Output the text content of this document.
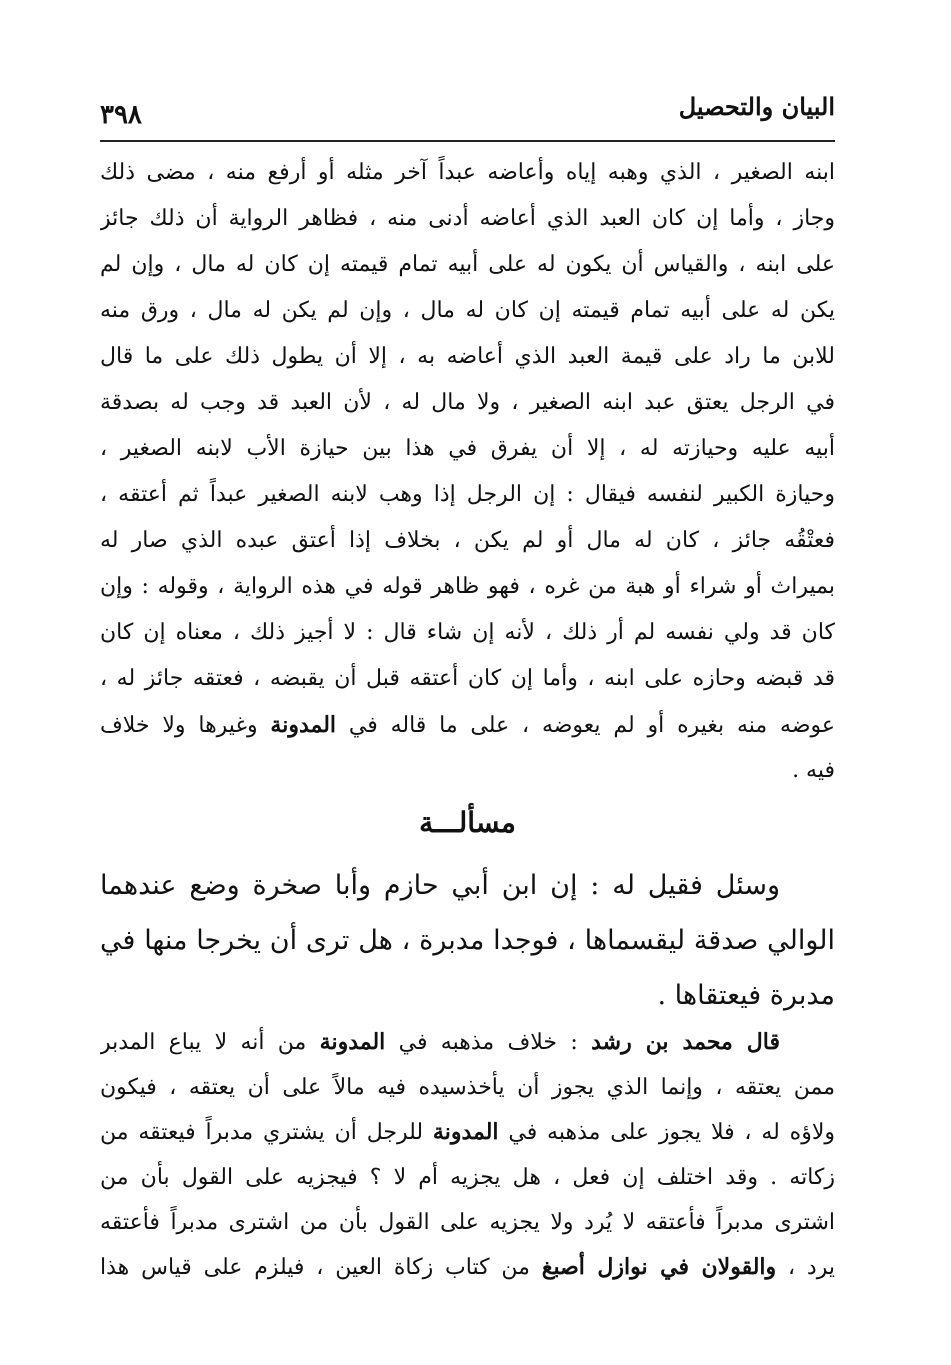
البيان والتحصيل
٣٩٨
ابنه الصغير ، الذي وهبه إياه وأعاضه عبداً آخر مثله أو أرفع منه ، مضى ذلك
وجاز ، وأما إن كان العبد الذي أعاضه أدنى منه ، فظاهر الرواية أن ذلك جائز
على ابنه ، والقياس أن يكون له على أبيه تمام قيمته إن كان له مال ، وإن لم
يكن له على أبيه تمام قيمته إن كان له مال ، وإن لم يكن له مال ، ورق منه
للابن ما راد على قيمة العبد الذي أعاضه به ، إلا أن يطول ذلك على ما قال
في الرجل يعتق عبد ابنه الصغير ، ولا مال له ، لأن العبد قد وجب له بصدقة
أبيه عليه وحيازته له ، إلا أن يفرق في هذا بين حيازة الأب لابنه الصغير ،
وحيازة الكبير لنفسه فيقال : إن الرجل إذا وهب لابنه الصغير عبداً ثم أعتقه ،
فعتْقُه جائز ، كان له مال أو لم يكن ، بخلاف إذا أعتق عبده الذي صار له
بميراث أو شراء أو هبة من غره ، فهو ظاهر قوله في هذه الرواية ، وقوله : وإن
كان قد ولي نفسه لم أر ذلك ، لأنه إن شاء قال : لا أجيز ذلك ، معناه إن كان
قد قبضه وحازه على ابنه ، وأما إن كان أعتقه قبل أن يقبضه ، فعتقه جائز له ،
عوضه منه بغيره أو لم يعوضه ، على ما قاله في المدونة وغيرها ولا خلاف
فيه .
مسألـــة
وسئل فقيل له : إن ابن أبي حازم وأبا صخرة وضع عندهما
الوالي صدقة ليقسماها ، فوجدا مدبرة ، هل ترى أن يخرجا منها في
مدبرة فيعتقاها .
قال محمد بن رشد : خلاف مذهبه في المدونة من أنه لا يباع المدبر
ممن يعتقه ، وإنما الذي يجوز أن يأخذسيده فيه مالاً على أن يعتقه ، فيكون
ولاؤه له ، فلا يجوز على مذهبه في المدونة للرجل أن يشتري مدبراً فيعتقه من
زكاته . وقد اختلف إن فعل ، هل يجزيه أم لا ؟ فيجزيه على القول بأن من
اشترى مدبراً فأعتقه لا يُرد ولا يجزيه على القول بأن من اشترى مدبراً فأعتقه
يرد ، والقولان في نوازل أصبغ من كتاب زكاة العين ، فيلزم على قياس هذا
